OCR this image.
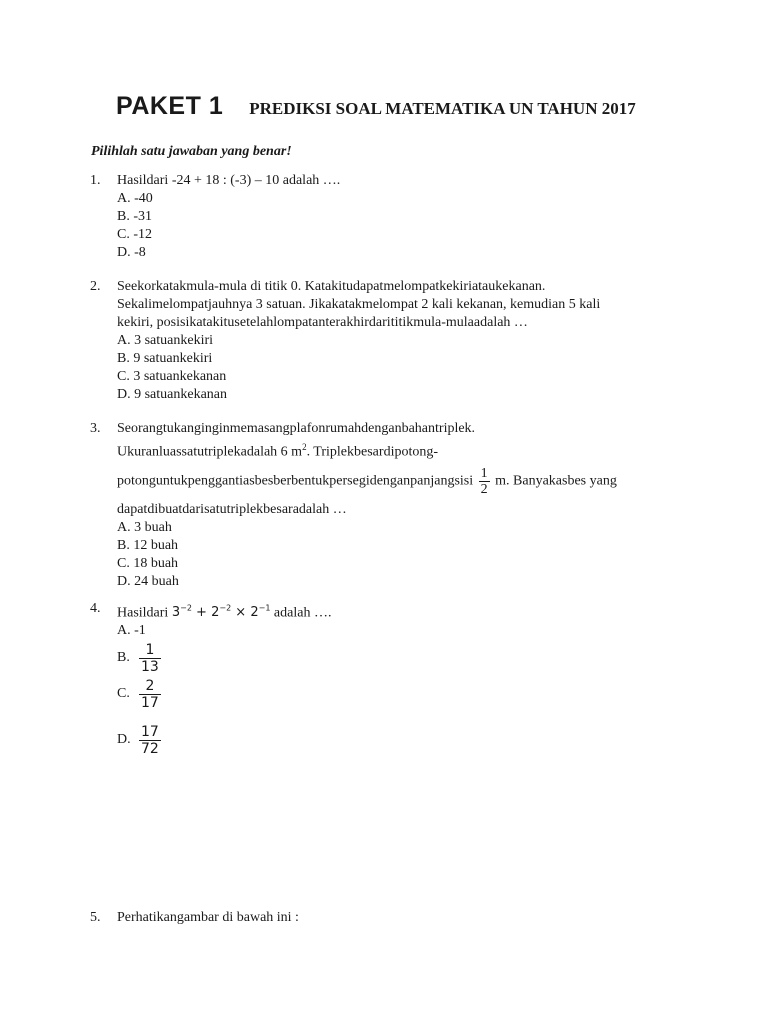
PAKET 1 PREDIKSI SOAL MATEMATIKA UN TAHUN 2017
Pilihlah satu jawaban yang benar!
1. Hasildari -24 + 18 : (-3) – 10 adalah ….
A. -40
B. -31
C. -12
D. -8
2. Seekorkatakmula-mula di titik 0. Katakitudapatmelompatkekiriataukekanan.
Sekalimelompatjauhnya 3 satuan. Jikakatakmelompat 2 kali kekanan, kemudian 5 kali
kekiri, posisikatakitusetelahlompatanterakhirdarititikmula-mulaadalah …
A. 3 satuankekiri
B. 9 satuankekiri
C. 3 satuankekanan
D. 9 satuankekanan
3. Seorangtukanginginmemasangplafonrumahdenganbahantriplek.
Ukuranluassatutriplekadalah 6 $m^2$. Triplekbesardipotong-
potonguntukpenggantiasbesberbentukpersegidenganpanjangsisi $\frac{1}{2} m$. Banyakasbes yang
dapatdibuatdarisatutriplekbesaradalah …
A. 3 buah
B. 12 buah
C. 18 buah
D. 24 buah
4. Hasildari $3^{-2} + 2^{-2} \times 2^{-1}$ adalah ….
A. -1
B. $\frac{1}{13}$
C. $\frac{2}{17}$
D. $\frac{17}{72}$
5. Perhatikangambar di bawah ini :
